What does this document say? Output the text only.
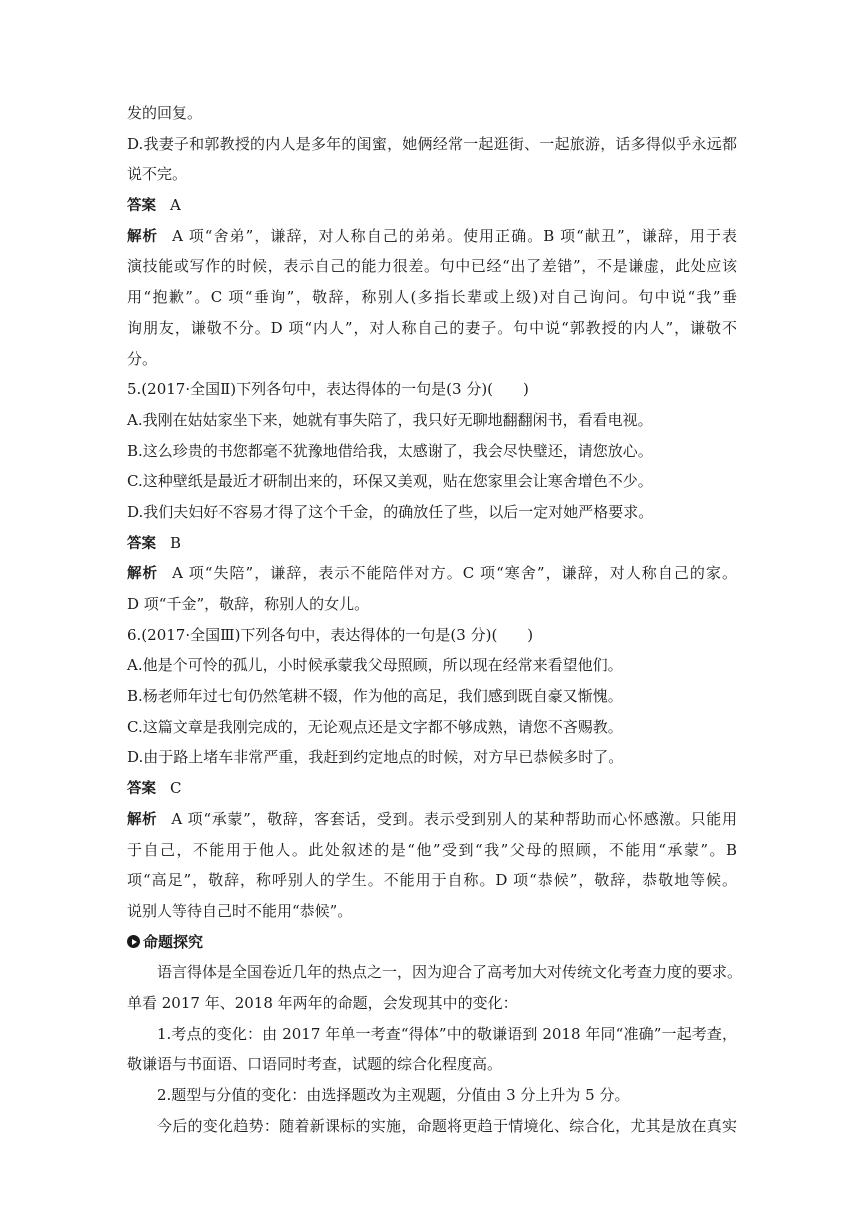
发的回复。
D.我妻子和郭教授的内人是多年的闺蜜，她俩经常一起逛街、一起旅游，话多得似乎永远都
说不完。
答案 A
解析 A 项“舍弟”，谦辞，对人称自己的弟弟。使用正确。B 项“献丑”，谦辞，用于表
演技能或写作的时候，表示自己的能力很差。句中已经“出了差错”，不是谦虚，此处应该
用“抱歉”。C 项“垂询”，敬辞，称别人(多指长辈或上级)对自己询问。句中说“我”垂
询朋友，谦敬不分。D 项“内人”，对人称自己的妻子。句中说“郭教授的内人”，谦敬不
分。
5.(2017·全国Ⅱ)下列各句中，表达得体的一句是(3 分)(　　)
A.我刚在姑姑家坐下来，她就有事失陪了，我只好无聊地翻翻闲书，看看电视。
B.这么珍贵的书您都毫不犹豫地借给我，太感谢了，我会尽快璧还，请您放心。
C.这种壁纸是最近才研制出来的，环保又美观，贴在您家里会让寒舍增色不少。
D.我们夫妇好不容易才得了这个千金，的确放任了些，以后一定对她严格要求。
答案 B
解析 A 项“失陪”，谦辞，表示不能陪伴对方。C 项“寒舍”，谦辞，对人称自己的家。
D 项“千金”，敬辞，称别人的女儿。
6.(2017·全国Ⅲ)下列各句中，表达得体的一句是(3 分)(　　)
A.他是个可怜的孤儿，小时候承蒙我父母照顾，所以现在经常来看望他们。
B.杨老师年过七旬仍然笔耕不辍，作为他的高足，我们感到既自豪又惭愧。
C.这篇文章是我刚完成的，无论观点还是文字都不够成熟，请您不吝赐教。
D.由于路上堵车非常严重，我赶到约定地点的时候，对方早已恭候多时了。
答案 C
解析 A 项“承蒙”，敬辞，客套话，受到。表示受到别人的某种帮助而心怀感激。只能用
于自己，不能用于他人。此处叙述的是“他”受到“我”父母的照顾，不能用“承蒙”。B
项“高足”，敬辞，称呼别人的学生。不能用于自称。D 项“恭候”，敬辞，恭敬地等候。
说别人等待自己时不能用“恭候”。
命题探究
语言得体是全国卷近几年的热点之一，因为迎合了高考加大对传统文化考查力度的要求。
单看 2017 年、2018 年两年的命题，会发现其中的变化：
1.考点的变化：由 2017 年单一考查“得体”中的敬谦语到 2018 年同“准确”一起考查，
敬谦语与书面语、口语同时考查，试题的综合化程度高。
2.题型与分值的变化：由选择题改为主观题，分值由 3 分上升为 5 分。
今后的变化趋势：随着新课标的实施，命题将更趋于情境化、综合化，尤其是放在真实
